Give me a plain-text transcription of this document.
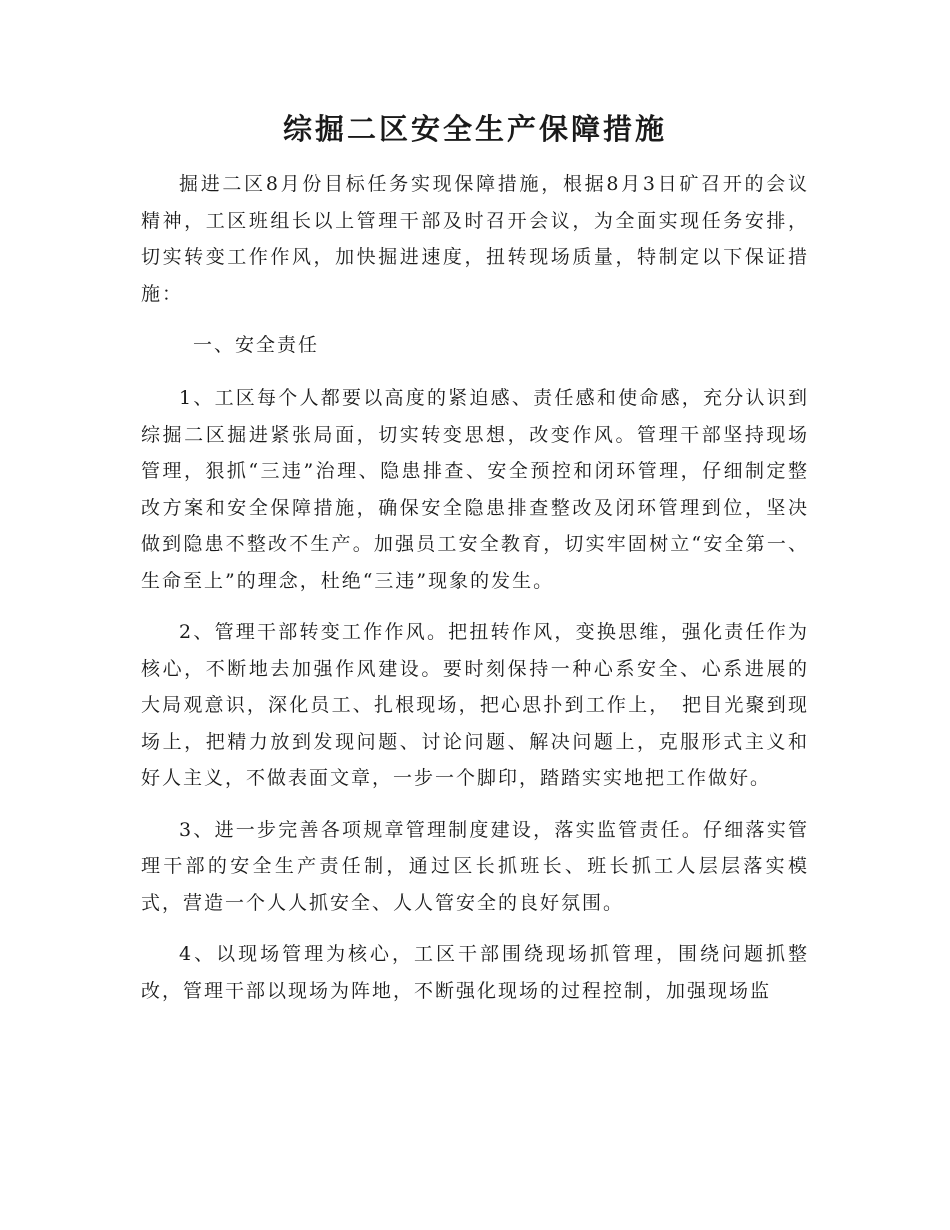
综掘二区安全生产保障措施

掘进二区8月份目标任务实现保障措施，根据8月3日矿召开的会议精神，工区班组长以上管理干部及时召开会议，为全面实现任务安排，切实转变工作作风，加快掘进速度，扭转现场质量，特制定以下保证措施：

一、安全责任

1、工区每个人都要以高度的紧迫感、责任感和使命感，充分认识到综掘二区掘进紧张局面，切实转变思想，改变作风。管理干部坚持现场管理，狠抓“三违”治理、隐患排查、安全预控和闭环管理，仔细制定整改方案和安全保障措施，确保安全隐患排查整改及闭环管理到位，坚决做到隐患不整改不生产。加强员工安全教育，切实牢固树立“安全第一、生命至上”的理念，杜绝“三违”现象的发生。

2、管理干部转变工作作风。把扭转作风，变换思维，强化责任作为核心，不断地去加强作风建设。要时刻保持一种心系安全、心系进展的大局观意识，深化员工、扎根现场，把心思扑到工作上，　把目光聚到现场上，把精力放到发现问题、讨论问题、解决问题上，克服形式主义和好人主义，不做表面文章，一步一个脚印，踏踏实实地把工作做好。

3、进一步完善各项规章管理制度建设，落实监管责任。仔细落实管理干部的安全生产责任制，通过区长抓班长、班长抓工人层层落实模式，营造一个人人抓安全、人人管安全的良好氛围。

4、以现场管理为核心，工区干部围绕现场抓管理，围绕问题抓整改，管理干部以现场为阵地，不断强化现场的过程控制，加强现场监
